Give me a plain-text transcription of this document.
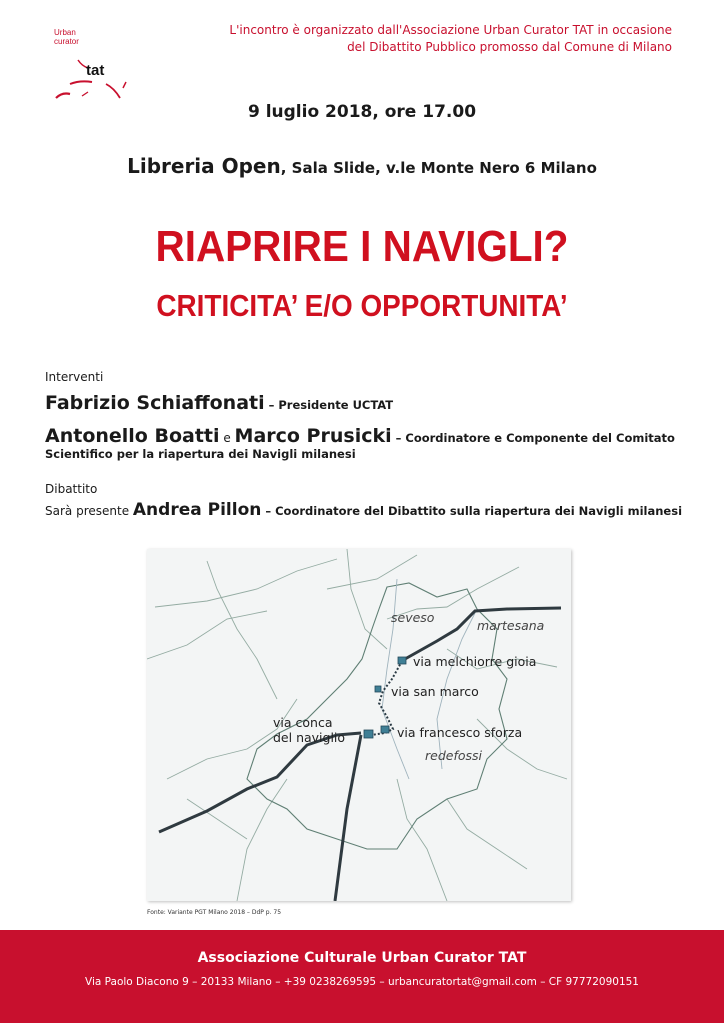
Urban
curator
tat
L'incontro è organizzato dall'Associazione Urban Curator TAT in occasione
del Dibattito Pubblico promosso dal Comune di Milano
9 luglio 2018, ore 17.00
Libreria Open, Sala Slide, v.le Monte Nero 6 Milano
RIAPRIRE I NAVIGLI?
CRITICITA’ E/O OPPORTUNITA’
Interventi
Fabrizio Schiaffonati – Presidente UCTAT
Antonello Boatti e Marco Prusicki – Coordinatore e Componente del Comitato
Scientifico per la riapertura dei Navigli milanesi
Dibattito
Sarà presente Andrea Pillon – Coordinatore del Dibattito sulla riapertura dei Navigli milanesi
seveso
martesana
via melchiorre gioia
via san marco
via conca
del naviglio	via francesco sforza
redefossi
Fonte: Variante PGT Milano 2018 – DdP p. 75
Associazione Culturale Urban Curator TAT
Via Paolo Diacono 9 – 20133 Milano – +39 0238269595 – urbancuratortat@gmail.com – CF 97772090151
